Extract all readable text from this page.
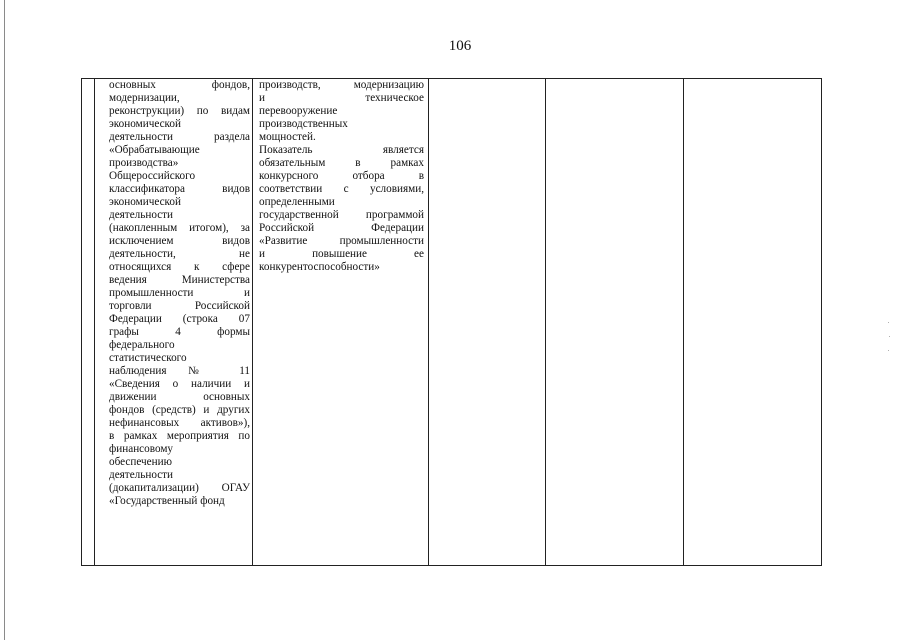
106

основных фондов,
модернизации,
реконструкции) по видам
экономической
деятельности раздела
«Обрабатывающие
производства»
Общероссийского
классификатора видов
экономической
деятельности
(накопленным итогом), за
исключением видов
деятельности, не
относящихся к сфере
ведения Министерства
промышленности и
торговли Российской
Федерации (строка 07
графы 4 формы
федерального
статистического
наблюдения № 11
«Сведения о наличии и
движении основных
фондов (средств) и других
нефинансовых активов»),
в рамках мероприятия по
финансовому
обеспечению
деятельности
(докапитализации) ОГАУ
«Государственный фонд

производств, модернизацию
и техническое
перевооружение
производственных
мощностей.
Показатель является
обязательным в рамках
конкурсного отбора в
соответствии с условиями,
определенными
государственной программой
Российской Федерации
«Развитие промышленности
и повышение ее
конкурентоспособности»
